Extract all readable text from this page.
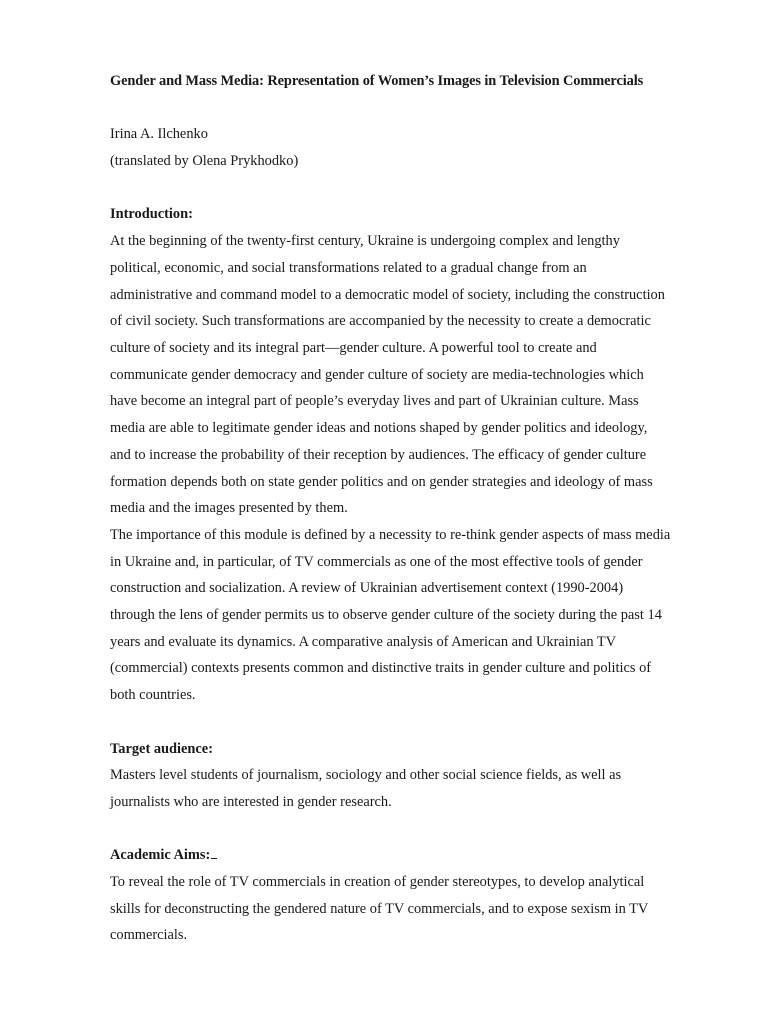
Gender and Mass Media: Representation of Women’s Images in Television Commercials

Irina A. Ilchenko
(translated by Olena Prykhodko)

Introduction:

At the beginning of the twenty-first century, Ukraine is undergoing complex and lengthy
political, economic, and social transformations related to a gradual change from an
administrative and command model to a democratic model of society, including the construction
of civil society. Such transformations are accompanied by the necessity to create a democratic
culture of society and its integral part—gender culture. A powerful tool to create and
communicate gender democracy and gender culture of society are media-technologies which
have become an integral part of people’s everyday lives and part of Ukrainian culture. Mass
media are able to legitimate gender ideas and notions shaped by gender politics and ideology,
and to increase the probability of their reception by audiences. The efficacy of gender culture
formation depends both on state gender politics and on gender strategies and ideology of mass
media and the images presented by them.
The importance of this module is defined by a necessity to re-think gender aspects of mass media
in Ukraine and, in particular, of TV commercials as one of the most effective tools of gender
construction and socialization. A review of Ukrainian advertisement context (1990-2004)
through the lens of gender permits us to observe gender culture of the society during the past 14
years and evaluate its dynamics. A comparative analysis of American and Ukrainian TV
(commercial) contexts presents common and distinctive traits in gender culture and politics of
both countries.

Target audience:

Masters level students of journalism, sociology and other social science fields, as well as
journalists who are interested in gender research.

Academic Aims:

To reveal the role of TV commercials in creation of gender stereotypes, to develop analytical
skills for deconstructing the gendered nature of TV commercials, and to expose sexism in TV
commercials.
